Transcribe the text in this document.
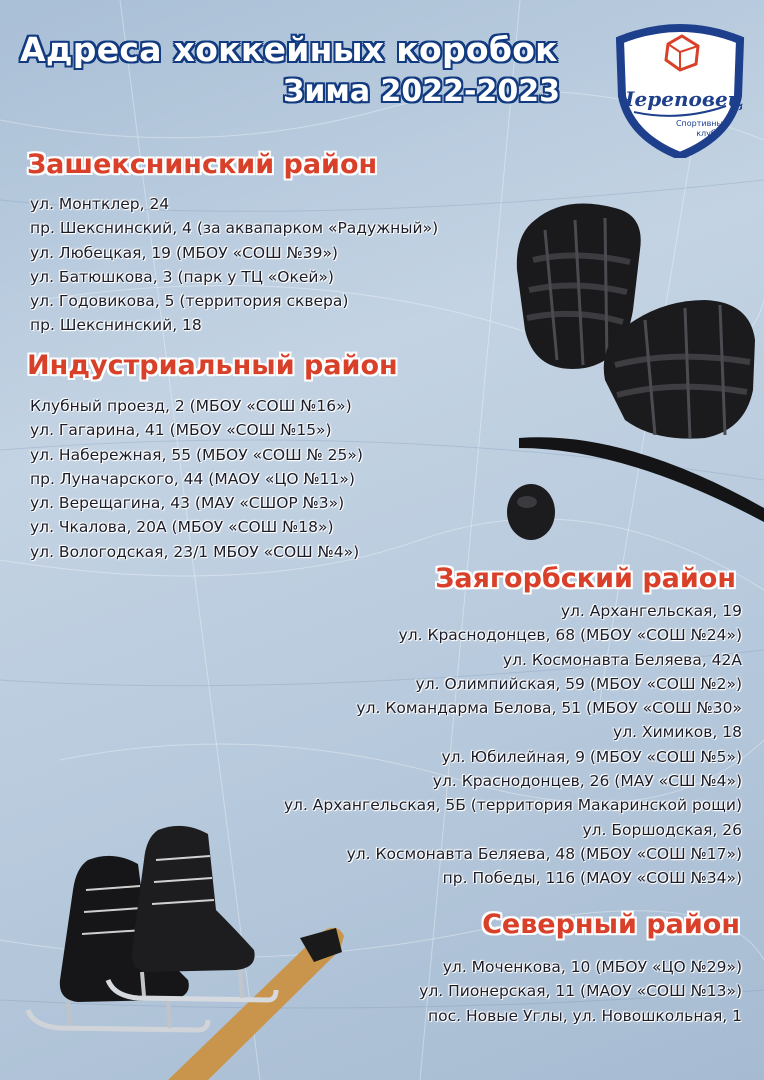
Адреса хоккейных коробок
Зима 2022-2023	Череповец
Спортивный
клуб
Зашекснинский район
ул. Монтклер, 24
пр. Шекснинский, 4 (за аквапарком «Радужный»)
ул. Любецкая, 19 (МБОУ «СОШ №39»)
ул. Батюшкова, 3 (парк у ТЦ «Окей»)
ул. Годовикова, 5 (территория сквера)
пр. Шекснинский, 18
Индустриальный район
Клубный проезд, 2 (МБОУ «СОШ №16»)
ул. Гагарина, 41 (МБОУ «СОШ №15»)
ул. Набережная, 55 (МБОУ «СОШ № 25»)
пр. Луначарского, 44 (МАОУ «ЦО №11»)
ул. Верещагина, 43 (МАУ «СШОР №3»)
ул. Чкалова, 20А (МБОУ «СОШ №18»)
ул. Вологодская, 23/1 МБОУ «СОШ №4»)
Заягорбский район
ул. Архангельская, 19
ул. Краснодонцев, 68 (МБОУ «СОШ №24»)
ул. Космонавта Беляева, 42А
ул. Олимпийская, 59 (МБОУ «СОШ №2»)
ул. Командарма Белова, 51 (МБОУ «СОШ №30»
ул. Химиков, 18
ул. Юбилейная, 9 (МБОУ «СОШ №5»)
ул. Краснодонцев, 26 (МАУ «СШ №4»)
ул. Архангельская, 5Б (территория Макаринской рощи)
ул. Боршодская, 26
ул. Космонавта Беляева, 48 (МБОУ «СОШ №17»)
пр. Победы, 116 (МАОУ «СОШ №34»)
Северный район
ул. Моченкова, 10 (МБОУ «ЦО №29»)
ул. Пионерская, 11 (МАОУ «СОШ №13»)
пос. Новые Углы, ул. Новошкольная, 1
